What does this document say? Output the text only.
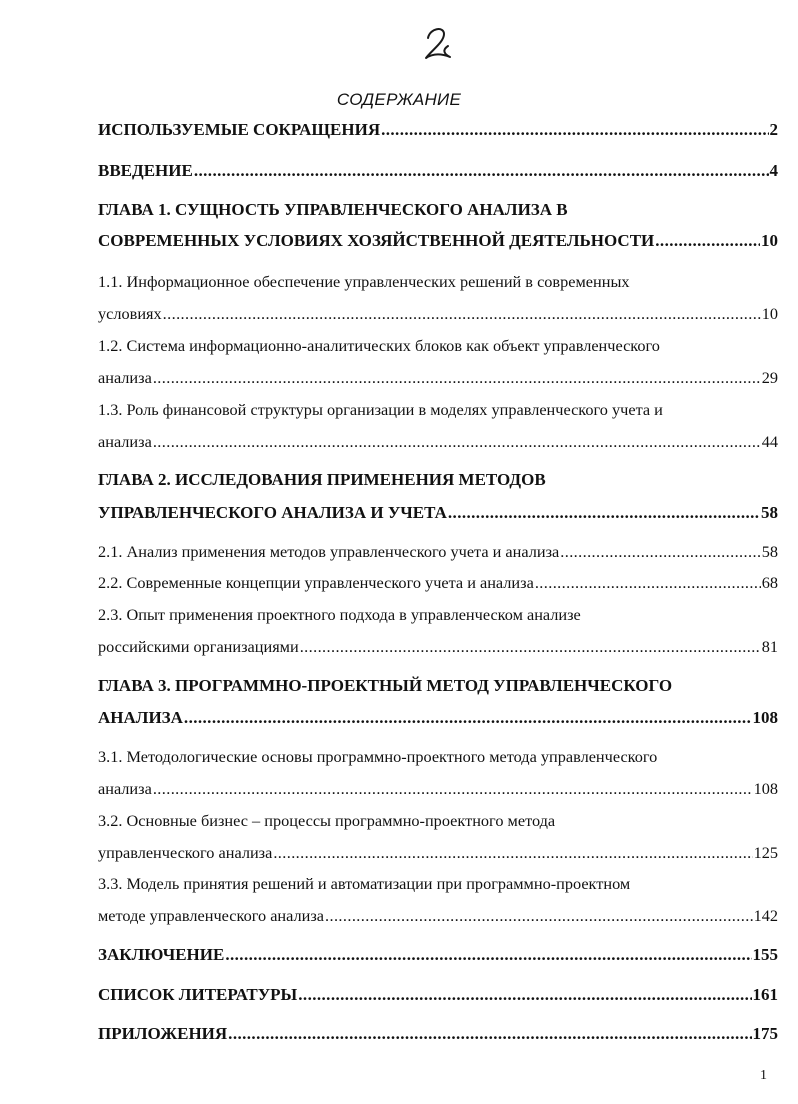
СОДЕРЖАНИЕ
ИСПОЛЬЗУЕМЫЕ СОКРАЩЕНИЯ .....	2
ВВЕДЕНИЕ .....	4
ГЛАВА 1. СУЩНОСТЬ УПРАВЛЕНЧЕСКОГО АНАЛИЗА В
СОВРЕМЕННЫХ УСЛОВИЯХ ХОЗЯЙСТВЕННОЙ ДЕЯТЕЛЬНОСТИ .....	10
1.1. Информационное обеспечение управленческих решений в современных
условиях .....	10
1.2. Система информационно-аналитических блоков как объект управленческого
анализа .....	29
1.3. Роль финансовой структуры организации в моделях управленческого учета и
анализа .....	44
ГЛАВА 2. ИССЛЕДОВАНИЯ ПРИМЕНЕНИЯ МЕТОДОВ
УПРАВЛЕНЧЕСКОГО АНАЛИЗА И УЧЕТА .....	58
2.1. Анализ применения методов управленческого учета и анализа .....	58
2.2. Современные концепции управленческого учета и анализа .....	68
2.3. Опыт применения проектного подхода в управленческом анализе
российскими организациями .....	81
ГЛАВА 3. ПРОГРАММНО-ПРОЕКТНЫЙ МЕТОД УПРАВЛЕНЧЕСКОГО
АНАЛИЗА .....	108
3.1. Методологические основы программно-проектного метода управленческого
анализа .....	108
3.2. Основные бизнес – процессы программно-проектного метода
управленческого анализа .....	125
3.3. Модель принятия решений и автоматизации при программно-проектном
методе управленческого анализа .....	142
ЗАКЛЮЧЕНИЕ .....	155
СПИСОК ЛИТЕРАТУРЫ .....	161
ПРИЛОЖЕНИЯ .....	175
1
